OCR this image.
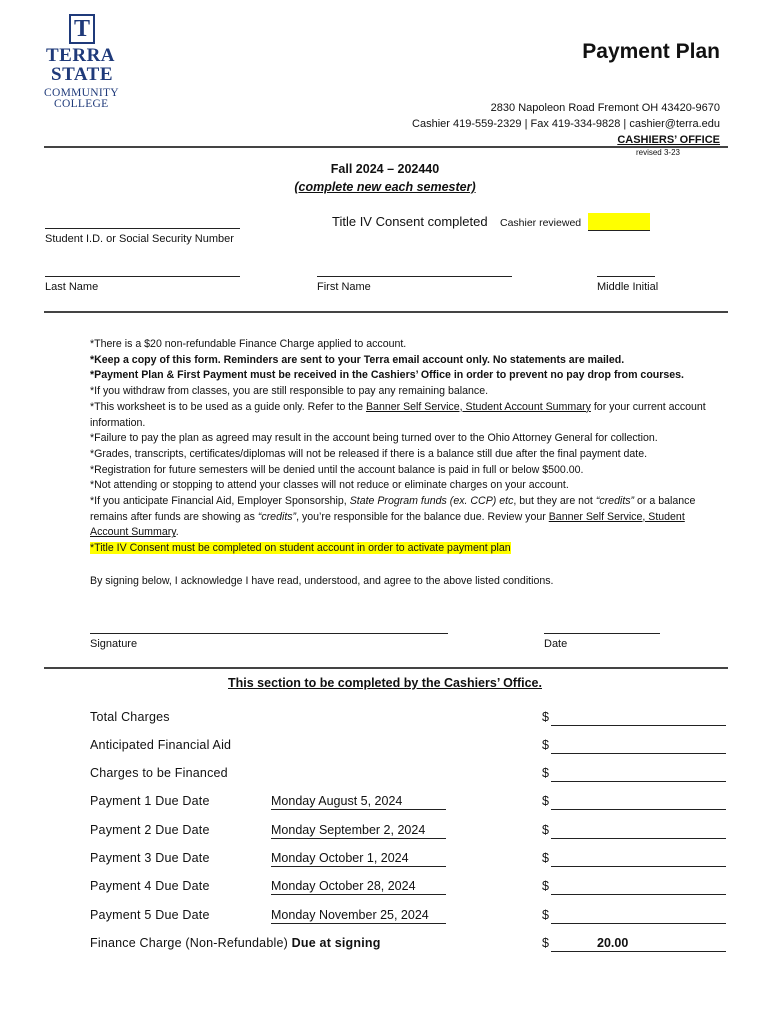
T
TERRA
STATE
COMMUNITY
COLLEGE
Payment Plan
2830 Napoleon Road Fremont OH 43420-9670
Cashier 419-559-2329 | Fax 419-334-9828 | cashier@terra.edu
CASHIERS’ OFFICE
revised 3-23
Fall 2024 – 202440
(complete new each semester)
Title IV Consent completed Cashier reviewed
Student I.D. or Social Security Number
Last Name	First Name	Middle Initial

*There is a $20 non-refundable Finance Charge applied to account.

*Keep a copy of this form. Reminders are sent to your Terra email account only. No statements are mailed.

*Payment Plan & First Payment must be received in the Cashiers’ Office in order to prevent no pay drop from courses.

*If you withdraw from classes, you are still responsible to pay any remaining balance.

*This worksheet is to be used as a guide only. Refer to the Banner Self Service, Student Account Summary for your current account information.

*Failure to pay the plan as agreed may result in the account being turned over to the Ohio Attorney General for collection.

*Grades, transcripts, certificates/diplomas will not be released if there is a balance still due after the final payment date.

*Registration for future semesters will be denied until the account balance is paid in full or below $500.00.

*Not attending or stopping to attend your classes will not reduce or eliminate charges on your account.

*If you anticipate Financial Aid, Employer Sponsorship, State Program funds (ex. CCP) etc, but they are not “credits” or a balance remains after funds are showing as “credits”, you’re responsible for the balance due. Review your Banner Self Service, Student Account Summary.

*Title IV Consent must be completed on student account in order to activate payment plan

By signing below, I acknowledge I have read, understood, and agree to the above listed conditions.
Signature	Date
This section to be completed by the Cashiers’ Office.
Total Charges	$
Anticipated Financial Aid	$
Charges to be Financed	$
Payment 1 Due Date	Monday August 5, 2024	$
Payment 2 Due Date	Monday September 2, 2024	$
Payment 3 Due Date	Monday October 1, 2024	$
Payment 4 Due Date	Monday October 28, 2024	$
Payment 5 Due Date	Monday November 25, 2024	$
Finance Charge (Non-Refundable) Due at signing	$	20.00
